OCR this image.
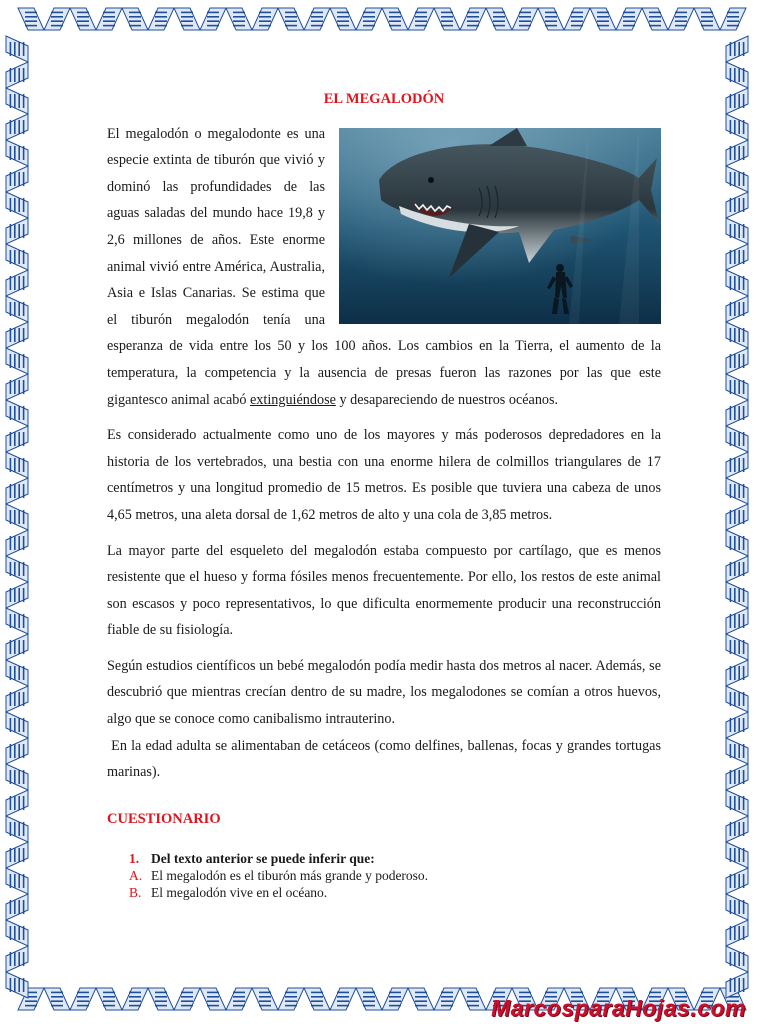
EL MEGALODÓN

El megalodón o megalodonte es una especie extinta de tiburón que vivió y dominó las profundidades de las aguas saladas del mundo hace 19,8 y 2,6 millones de años. Este enorme animal vivió entre América, Australia, Asia e Islas Canarias. Se estima que el tiburón megalodón tenía una esperanza de vida entre los 50 y los 100 años. Los cambios en la Tierra, el aumento de la temperatura, la competencia y la ausencia de presas fueron las razones por las que este gigantesco animal acabó extinguiéndose y desapareciendo de nuestros océanos.

Es considerado actualmente como uno de los mayores y más poderosos depredadores en la historia de los vertebrados, una bestia con una enorme hilera de colmillos triangulares de 17 centímetros y una longitud promedio de 15 metros. Es posible que tuviera una cabeza de unos 4,65 metros, una aleta dorsal de 1,62 metros de alto y una cola de 3,85 metros.

La mayor parte del esqueleto del megalodón estaba compuesto por cartílago, que es menos resistente que el hueso y forma fósiles menos frecuentemente. Por ello, los restos de este animal son escasos y poco representativos, lo que dificulta enormemente producir una reconstrucción fiable de su fisiología.

Según estudios científicos un bebé megalodón podía medir hasta dos metros al nacer. Además, se descubrió que mientras crecían dentro de su madre, los megalodones se comían a otros huevos, algo que se conoce como canibalismo intrauterino.

En la edad adulta se alimentaban de cetáceos (como delfines, ballenas, focas y grandes tortugas marinas).

CUESTIONARIO
1. Del texto anterior se puede inferir que:
A. El megalodón es el tiburón más grande y poderoso.
B. El megalodón vive en el océano.
MarcosparaHojas.com
